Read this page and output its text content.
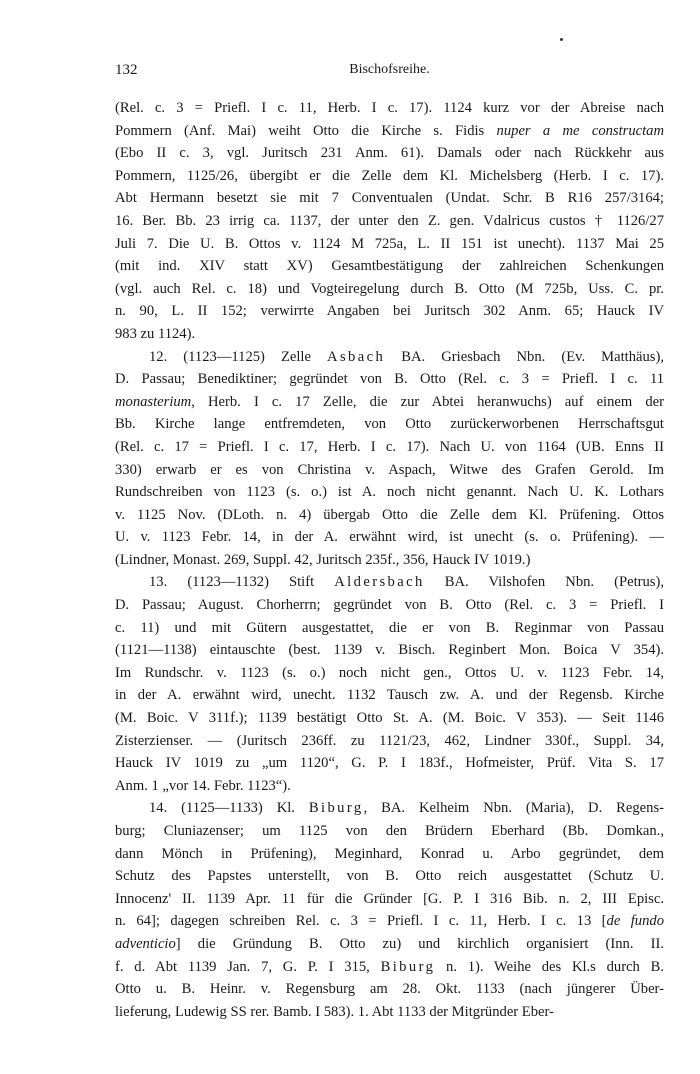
132	Bischofsreihe.

(Rel. c. 3 = Priefl. I c. 11, Herb. I c. 17). 1124 kurz vor der Abreise nach
Pommern (Anf. Mai) weiht Otto die Kirche s. Fidis nuper a me constructam
(Ebo II c. 3, vgl. Juritsch 231 Anm. 61). Damals oder nach Rückkehr aus
Pommern, 1125/26, übergibt er die Zelle dem Kl. Michelsberg (Herb. I c. 17).
Abt Hermann besetzt sie mit 7 Conventualen (Undat. Schr. B R16 257/3164;
16. Ber. Bb. 23 irrig ca. 1137, der unter den Z. gen. Vdalricus custos † 1126/27
Juli 7. Die U. B. Ottos v. 1124 M 725a, L. II 151 ist unecht). 1137 Mai 25
(mit ind. XIV statt XV) Gesamtbestätigung der zahlreichen Schenkungen
(vgl. auch Rel. c. 18) und Vogteiregelung durch B. Otto (M 725b, Uss. C. pr.
n. 90, L. II 152; verwirrte Angaben bei Juritsch 302 Anm. 65; Hauck IV
983 zu 1124).

12. (1123—1125) Zelle Asbach BA. Griesbach Nbn. (Ev. Matthäus),
D. Passau; Benediktiner; gegründet von B. Otto (Rel. c. 3 = Priefl. I c. 11
monasterium, Herb. I c. 17 Zelle, die zur Abtei heranwuchs) auf einem der
Bb. Kirche lange entfremdeten, von Otto zurückerworbenen Herrschaftsgut
(Rel. c. 17 = Priefl. I c. 17, Herb. I c. 17). Nach U. von 1164 (UB. Enns II
330) erwarb er es von Christina v. Aspach, Witwe des Grafen Gerold. Im
Rundschreiben von 1123 (s. o.) ist A. noch nicht genannt. Nach U. K. Lothars
v. 1125 Nov. (DLoth. n. 4) übergab Otto die Zelle dem Kl. Prüfening. Ottos
U. v. 1123 Febr. 14, in der A. erwähnt wird, ist unecht (s. o. Prüfening). —
(Lindner, Monast. 269, Suppl. 42, Juritsch 235f., 356, Hauck IV 1019.)

13. (1123—1132) Stift Aldersbach BA. Vilshofen Nbn. (Petrus),
D. Passau; August. Chorherrn; gegründet von B. Otto (Rel. c. 3 = Priefl. I
c. 11) und mit Gütern ausgestattet, die er von B. Reginmar von Passau
(1121—1138) eintauschte (best. 1139 v. Bisch. Reginbert Mon. Boica V 354).
Im Rundschr. v. 1123 (s. o.) noch nicht gen., Ottos U. v. 1123 Febr. 14,
in der A. erwähnt wird, unecht. 1132 Tausch zw. A. und der Regensb. Kirche
(M. Boic. V 311f.); 1139 bestätigt Otto St. A. (M. Boic. V 353). — Seit 1146
Zisterzienser. — (Juritsch 236ff. zu 1121/23, 462, Lindner 330f., Suppl. 34,
Hauck IV 1019 zu „um 1120“, G. P. I 183f., Hofmeister, Prüf. Vita S. 17
Anm. 1 „vor 14. Febr. 1123“).

14. (1125—1133) Kl. Biburg, BA. Kelheim Nbn. (Maria), D. Regens-
burg; Cluniazenser; um 1125 von den Brüdern Eberhard (Bb. Domkan.,
dann Mönch in Prüfening), Meginhard, Konrad u. Arbo gegründet, dem
Schutz des Papstes unterstellt, von B. Otto reich ausgestattet (Schutz U.
Innocenz' II. 1139 Apr. 11 für die Gründer [G. P. I 316 Bib. n. 2, III Episc.
n. 64]; dagegen schreiben Rel. c. 3 = Priefl. I c. 11, Herb. I c. 13 [de fundo
adventicio] die Gründung B. Otto zu) und kirchlich organisiert (Inn. II.
f. d. Abt 1139 Jan. 7, G. P. I 315, Biburg n. 1). Weihe des Kl.s durch B.
Otto u. B. Heinr. v. Regensburg am 28. Okt. 1133 (nach jüngerer Über-
lieferung, Ludewig SS rer. Bamb. I 583). 1. Abt 1133 der Mitgründer Eber-
